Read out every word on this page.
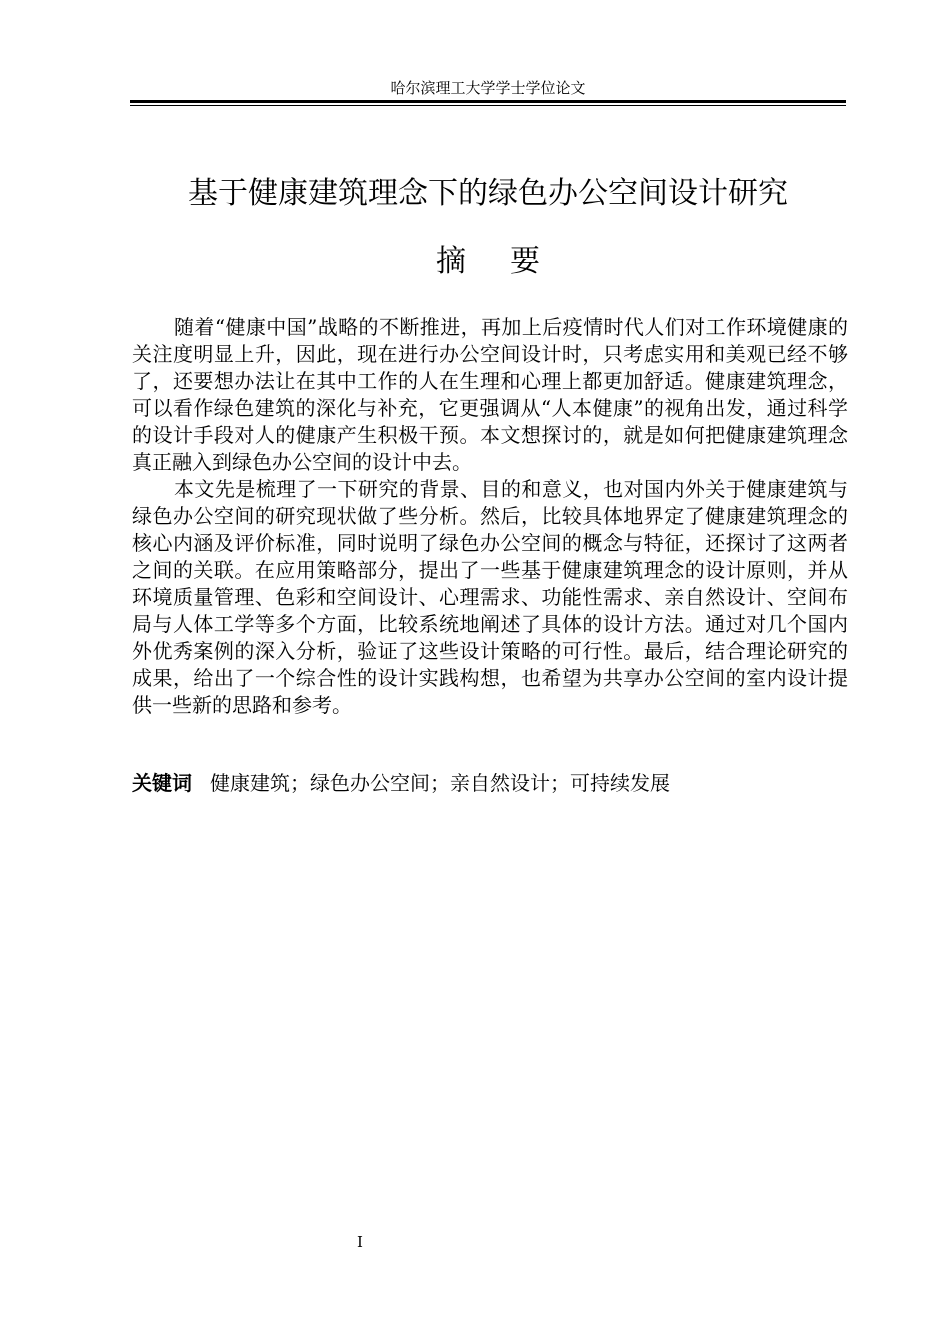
哈尔滨理工大学学士学位论文
基于健康建筑理念下的绿色办公空间设计研究
摘要

随着“健康中国”战略的不断推进，再加上后疫情时代人们对工作环境健康的关注度明显上升，因此，现在进行办公空间设计时，只考虑实用和美观已经不够了，还要想办法让在其中工作的人在生理和心理上都更加舒适。健康建筑理念，可以看作绿色建筑的深化与补充，它更强调从“人本健康”的视角出发，通过科学的设计手段对人的健康产生积极干预。本文想探讨的，就是如何把健康建筑理念真正融入到绿色办公空间的设计中去。

本文先是梳理了一下研究的背景、目的和意义，也对国内外关于健康建筑与绿色办公空间的研究现状做了些分析。然后，比较具体地界定了健康建筑理念的核心内涵及评价标准，同时说明了绿色办公空间的概念与特征，还探讨了这两者之间的关联。在应用策略部分，提出了一些基于健康建筑理念的设计原则，并从环境质量管理、色彩和空间设计、心理需求、功能性需求、亲自然设计、空间布局与人体工学等多个方面，比较系统地阐述了具体的设计方法。通过对几个国内外优秀案例的深入分析，验证了这些设计策略的可行性。最后，结合理论研究的成果，给出了一个综合性的设计实践构想，也希望为共享办公空间的室内设计提供一些新的思路和参考。

关键词 健康建筑；绿色办公空间；亲自然设计；可持续发展
I
